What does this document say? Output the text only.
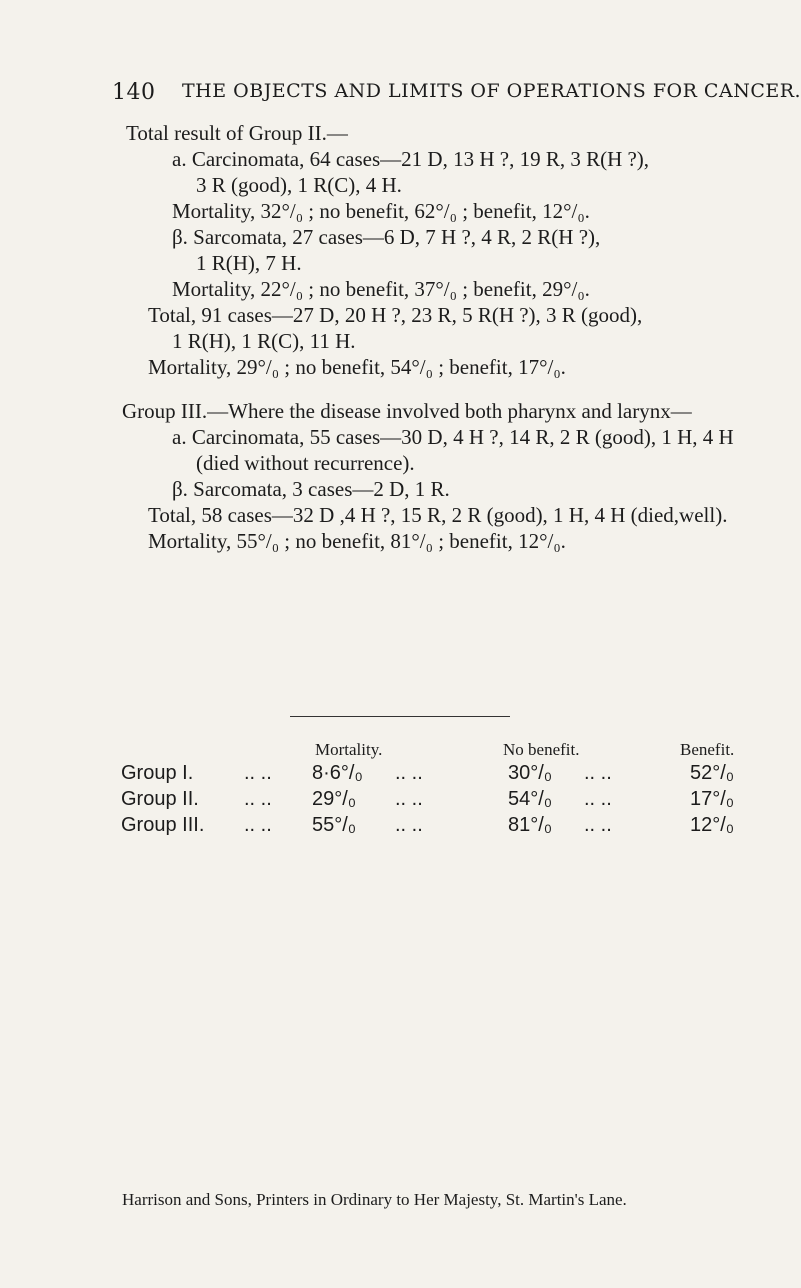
140 THE OBJECTS AND LIMITS OF OPERATIONS FOR CANCER.
Total result of Group II.—
a. Carcinomata, 64 cases—21 D, 13 H ?, 19 R, 3 R(H ?),
3 R (good), 1 R(C), 4 H.
Mortality, 32°/₀ ; no benefit, 62°/₀ ; benefit, 12°/₀.
β. Sarcomata, 27 cases—6 D, 7 H ?, 4 R, 2 R(H ?),
1 R(H), 7 H.
Mortality, 22°/₀ ; no benefit, 37°/₀ ; benefit, 29°/₀.
Total, 91 cases—27 D, 20 H ?, 23 R, 5 R(H ?), 3 R (good),
1 R(H), 1 R(C), 11 H.
Mortality, 29°/₀ ; no benefit, 54°/₀ ; benefit, 17°/₀.
Group III.—Where the disease involved both pharynx and larynx—
a. Carcinomata, 55 cases—30 D, 4 H ?, 14 R, 2 R (good), 1 H, 4 H
(died without recurrence).
β. Sarcomata, 3 cases—2 D, 1 R.
Total, 58 cases—32 D ,4 H ?, 15 R, 2 R (good), 1 H, 4 H (died,well).
Mortality, 55°/₀ ; no benefit, 81°/₀ ; benefit, 12°/₀.
Mortality.	No benefit.	Benefit.
Group I.	.. .. 8·6°/₀ .. ..	30°/₀ .. ..	52°/₀
Group II. .. .. 29°/₀ .. ..	54°/₀ .. ..	17°/₀
Group III. .. .. 55°/₀ .. ..	81°/₀ .. ..	12°/₀
Harrison and Sons, Printers in Ordinary to Her Majesty, St. Martin's Lane.
